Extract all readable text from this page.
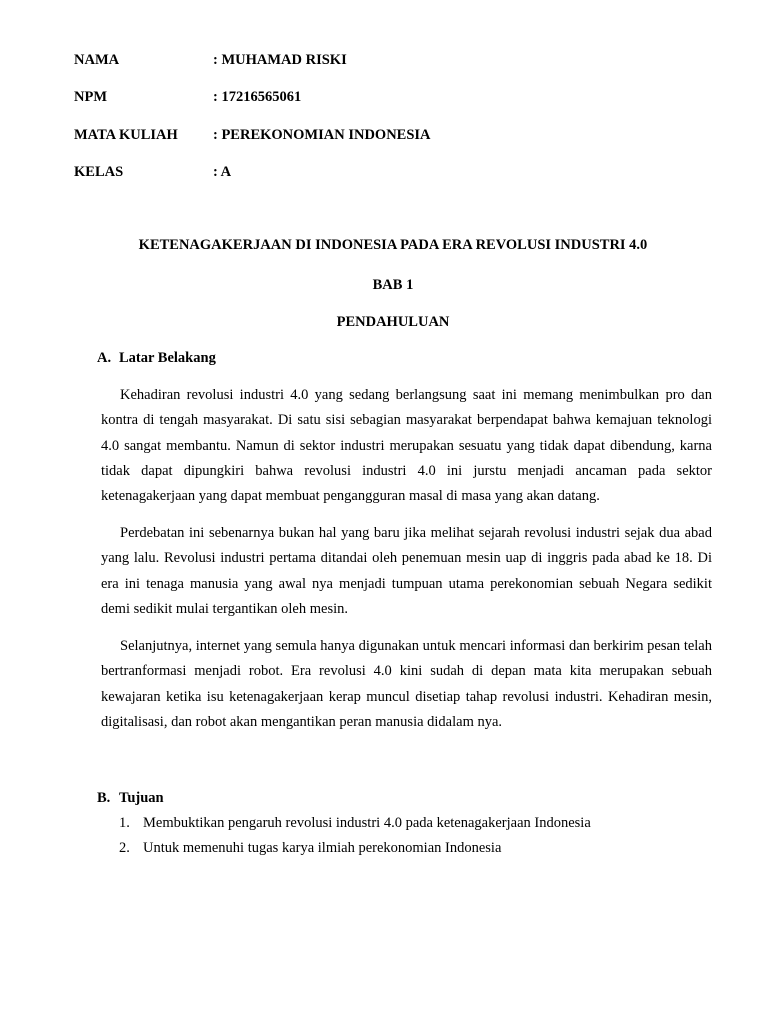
NAMA	: MUHAMAD RISKI
NPM	: 17216565061
MATA KULIAH : PEREKONOMIAN INDONESIA
KELAS	: A
KETENAGAKERJAAN DI INDONESIA PADA ERA REVOLUSI INDUSTRI 4.0
BAB 1
PENDAHULUAN
A. Latar Belakang

Kehadiran revolusi industri 4.0 yang sedang berlangsung saat ini memang menimbulkan pro dan kontra di tengah masyarakat. Di satu sisi sebagian masyarakat berpendapat bahwa kemajuan teknologi 4.0 sangat membantu. Namun di sektor industri merupakan sesuatu yang tidak dapat dibendung, karna tidak dapat dipungkiri bahwa revolusi industri 4.0 ini jurstu menjadi ancaman pada sektor ketenagakerjaan yang dapat membuat pengangguran masal di masa yang akan datang.

Perdebatan ini sebenarnya bukan hal yang baru jika melihat sejarah revolusi industri sejak dua abad yang lalu. Revolusi industri pertama ditandai oleh penemuan mesin uap di inggris pada abad ke 18. Di era ini tenaga manusia yang awal nya menjadi tumpuan utama perekonomian sebuah Negara sedikit demi sedikit mulai tergantikan oleh mesin.

Selanjutnya, internet yang semula hanya digunakan untuk mencari informasi dan berkirim pesan telah bertranformasi menjadi robot. Era revolusi 4.0 kini sudah di depan mata kita merupakan sebuah kewajaran ketika isu ketenagakerjaan kerap muncul disetiap tahap revolusi industri. Kehadiran mesin, digitalisasi, dan robot akan mengantikan peran manusia didalam nya.

B. Tujuan
1. Membuktikan pengaruh revolusi industri 4.0 pada ketenagakerjaan Indonesia
2. Untuk memenuhi tugas karya ilmiah perekonomian Indonesia
